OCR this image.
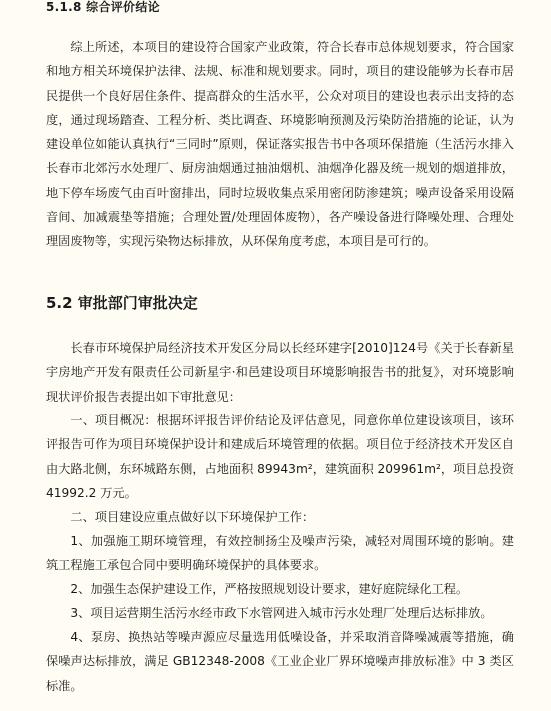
5.1.8 综合评价结论

综上所述，本项目的建设符合国家产业政策，符合长春市总体规划要求，符合国家和地方相关环境保护法律、法规、标准和规划要求。同时，项目的建设能够为长春市居民提供一个良好居住条件、提高群众的生活水平，公众对项目的建设也表示出支持的态度，通过现场踏查、工程分析、类比调查、环境影响预测及污染防治措施的论证，认为建设单位如能认真执行“三同时”原则，保证落实报告书中各项环保措施（生活污水排入长春市北郊污水处理厂、厨房油烟通过抽油烟机、油烟净化器及统一规划的烟道排放，地下停车场废气由百叶窗排出，同时垃圾收集点采用密闭防渗建筑；噪声设备采用设隔音间、加减震垫等措施；合理处置/处理固体废物），各产噪设备进行降噪处理、合理处理固废物等，实现污染物达标排放，从环保角度考虑，本项目是可行的。

5.2 审批部门审批决定

长春市环境保护局经济技术开发区分局以长经环建字[2010]124号《关于长春新星宇房地产开发有限责任公司新星宇·和邑建设项目环境影响报告书的批复》，对环境影响现状评价报告表提出如下审批意见：

一、项目概况：根据环评报告评价结论及评估意见，同意你单位建设该项目，该环评报告可作为项目环境保护设计和建成后环境管理的依据。项目位于经济技术开发区自由大路北侧，东环城路东侧，占地面积 89943m²，建筑面积 209961m²，项目总投资 41992.2 万元。

二、项目建设应重点做好以下环境保护工作：

1、加强施工期环境管理，有效控制扬尘及噪声污染，减轻对周围环境的影响。建筑工程施工承包合同中要明确环境保护的具体要求。

2、加强生态保护建设工作，严格按照规划设计要求，建好庭院绿化工程。

3、项目运营期生活污水经市政下水管网进入城市污水处理厂处理后达标排放。

4、泵房、换热站等噪声源应尽量选用低噪设备，并采取消音降噪减震等措施，确保噪声达标排放，满足 GB12348-2008《工业企业厂界环境噪声排放标准》中 3 类区标准。
